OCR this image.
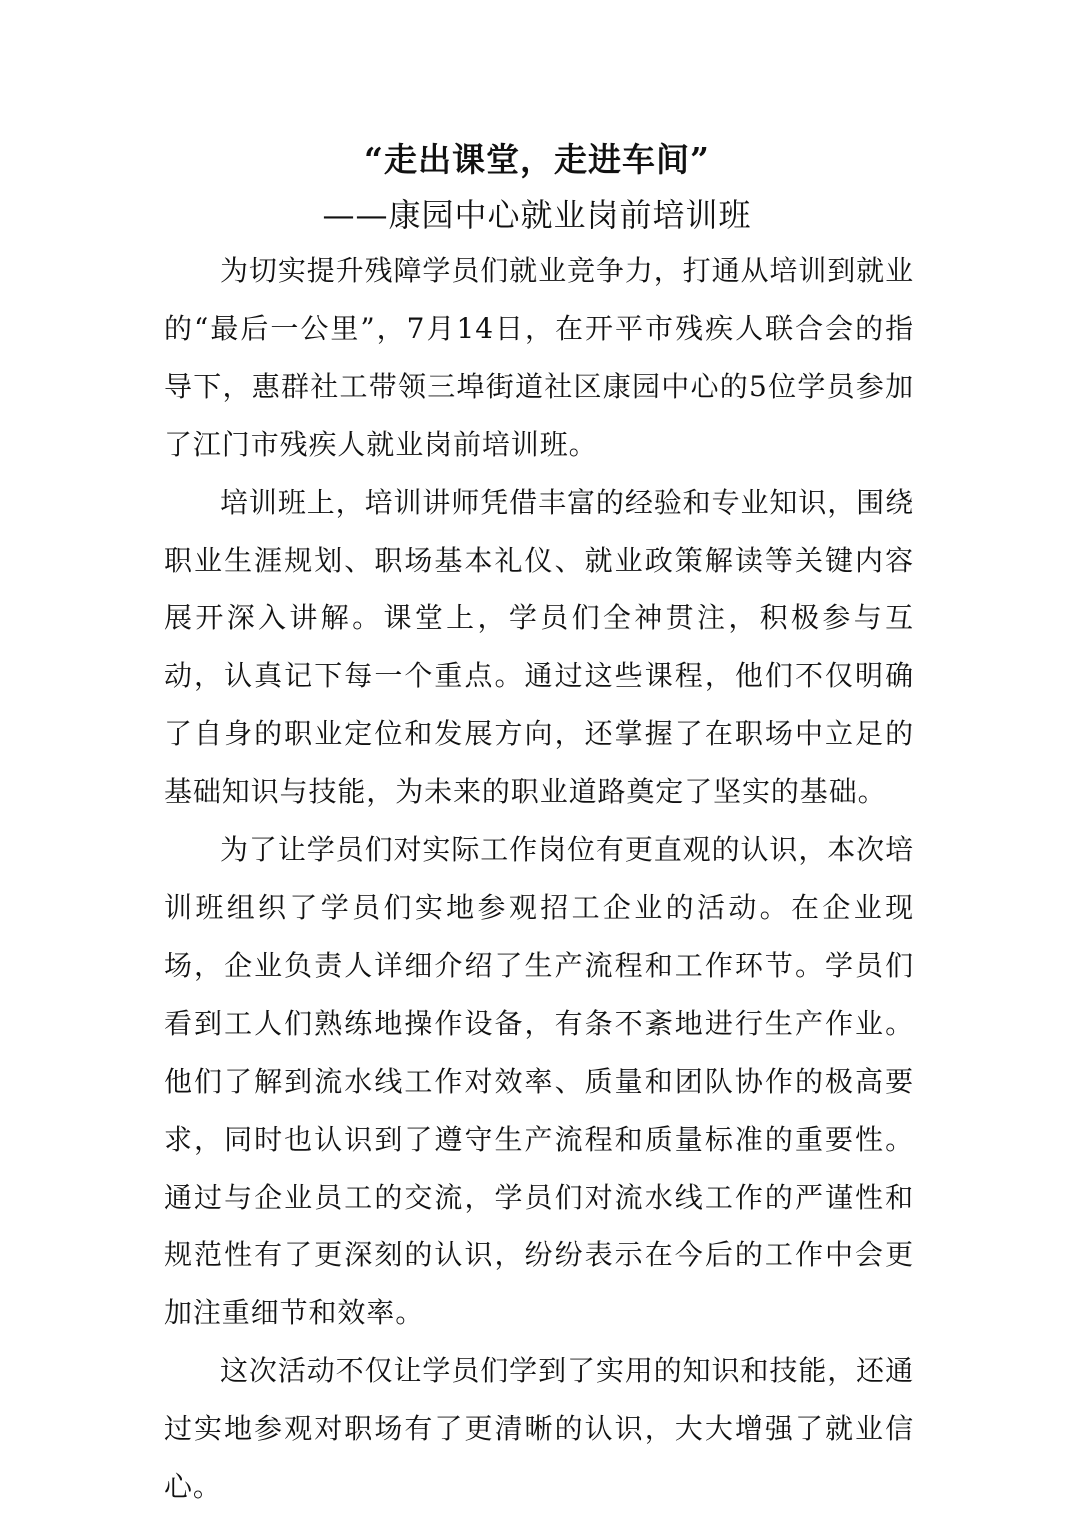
“走出课堂，走进车间”
——康园中心就业岗前培训班

为切实提升残障学员们就业竞争力，打通从培训到就业的“最后一公里”，7月14日，在开平市残疾人联合会的指导下，惠群社工带领三埠街道社区康园中心的5位学员参加了江门市残疾人就业岗前培训班。

培训班上，培训讲师凭借丰富的经验和专业知识，围绕职业生涯规划、职场基本礼仪、就业政策解读等关键内容展开深入讲解。课堂上，学员们全神贯注，积极参与互动，认真记下每一个重点。通过这些课程，他们不仅明确了自身的职业定位和发展方向，还掌握了在职场中立足的基础知识与技能，为未来的职业道路奠定了坚实的基础。

为了让学员们对实际工作岗位有更直观的认识，本次培训班组织了学员们实地参观招工企业的活动。在企业现场，企业负责人详细介绍了生产流程和工作环节。学员们看到工人们熟练地操作设备，有条不紊地进行生产作业。他们了解到流水线工作对效率、质量和团队协作的极高要求，同时也认识到了遵守生产流程和质量标准的重要性。通过与企业员工的交流，学员们对流水线工作的严谨性和规范性有了更深刻的认识，纷纷表示在今后的工作中会更加注重细节和效率。

这次活动不仅让学员们学到了实用的知识和技能，还通过实地参观对职场有了更清晰的认识，大大增强了就业信心。
